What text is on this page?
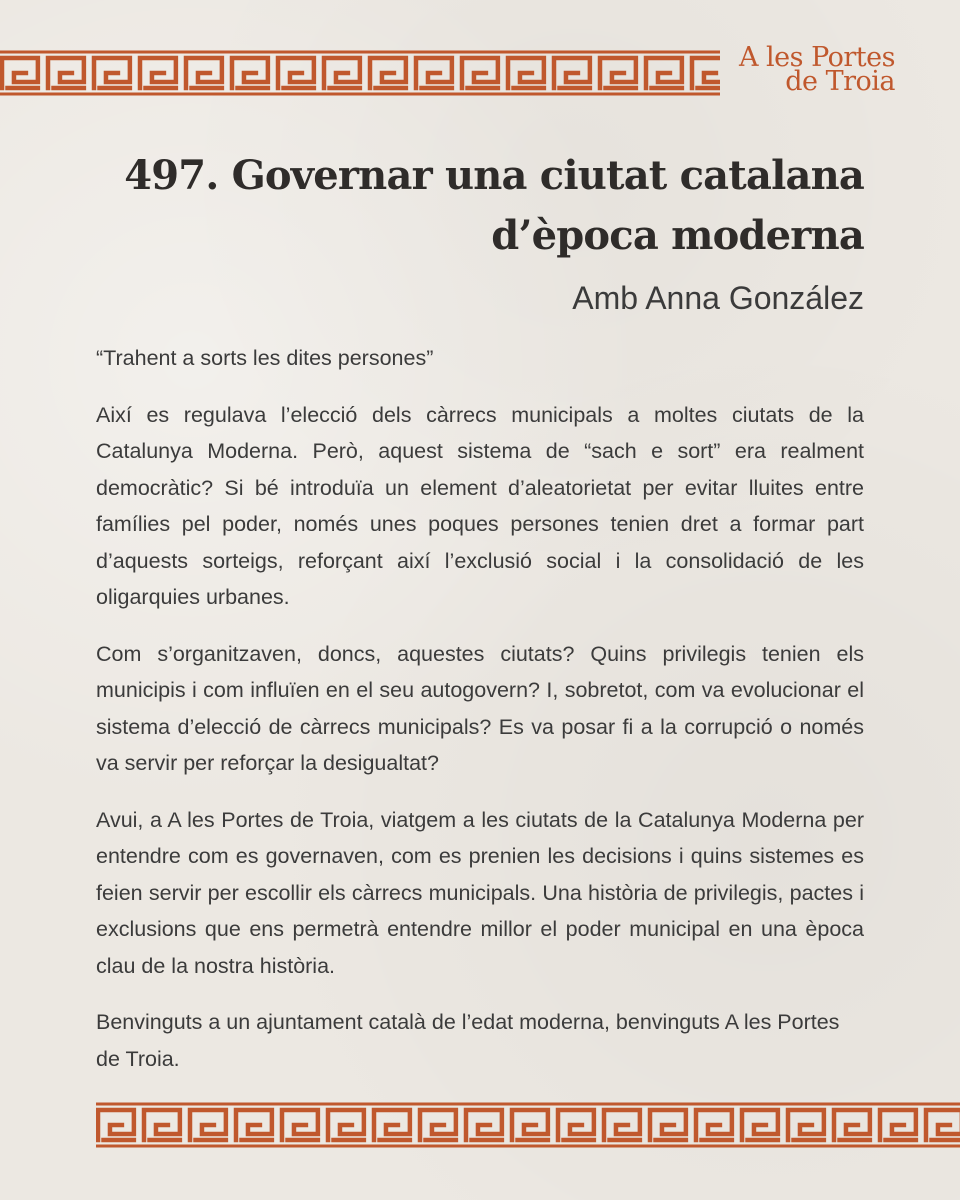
A les Portes
de Troia
497. Governar una ciutat catalana
d’època moderna
Amb Anna González

“Trahent a sorts les dites persones”

Així es regulava l’elecció dels càrrecs municipals a moltes ciutats de la Catalunya Moderna. Però, aquest sistema de “sach e sort” era realment democràtic? Si bé introduïa un element d’aleatorietat per evitar lluites entre famílies pel poder, només unes poques persones tenien dret a formar part d’aquests sorteigs, reforçant així l’exclusió social i la consolidació de les oligarquies urbanes.

Com s’organitzaven, doncs, aquestes ciutats? Quins privilegis tenien els municipis i com influïen en el seu autogovern? I, sobretot, com va evolucionar el sistema d’elecció de càrrecs municipals? Es va posar fi a la corrupció o només va servir per reforçar la desigualtat?

Avui, a A les Portes de Troia, viatgem a les ciutats de la Catalunya Moderna per entendre com es governaven, com es prenien les decisions i quins sistemes es feien servir per escollir els càrrecs municipals. Una història de privilegis, pactes i exclusions que ens permetrà entendre millor el poder municipal en una època clau de la nostra història.

Benvinguts a un ajuntament català de l’edat moderna, benvinguts A les Portes de Troia.
